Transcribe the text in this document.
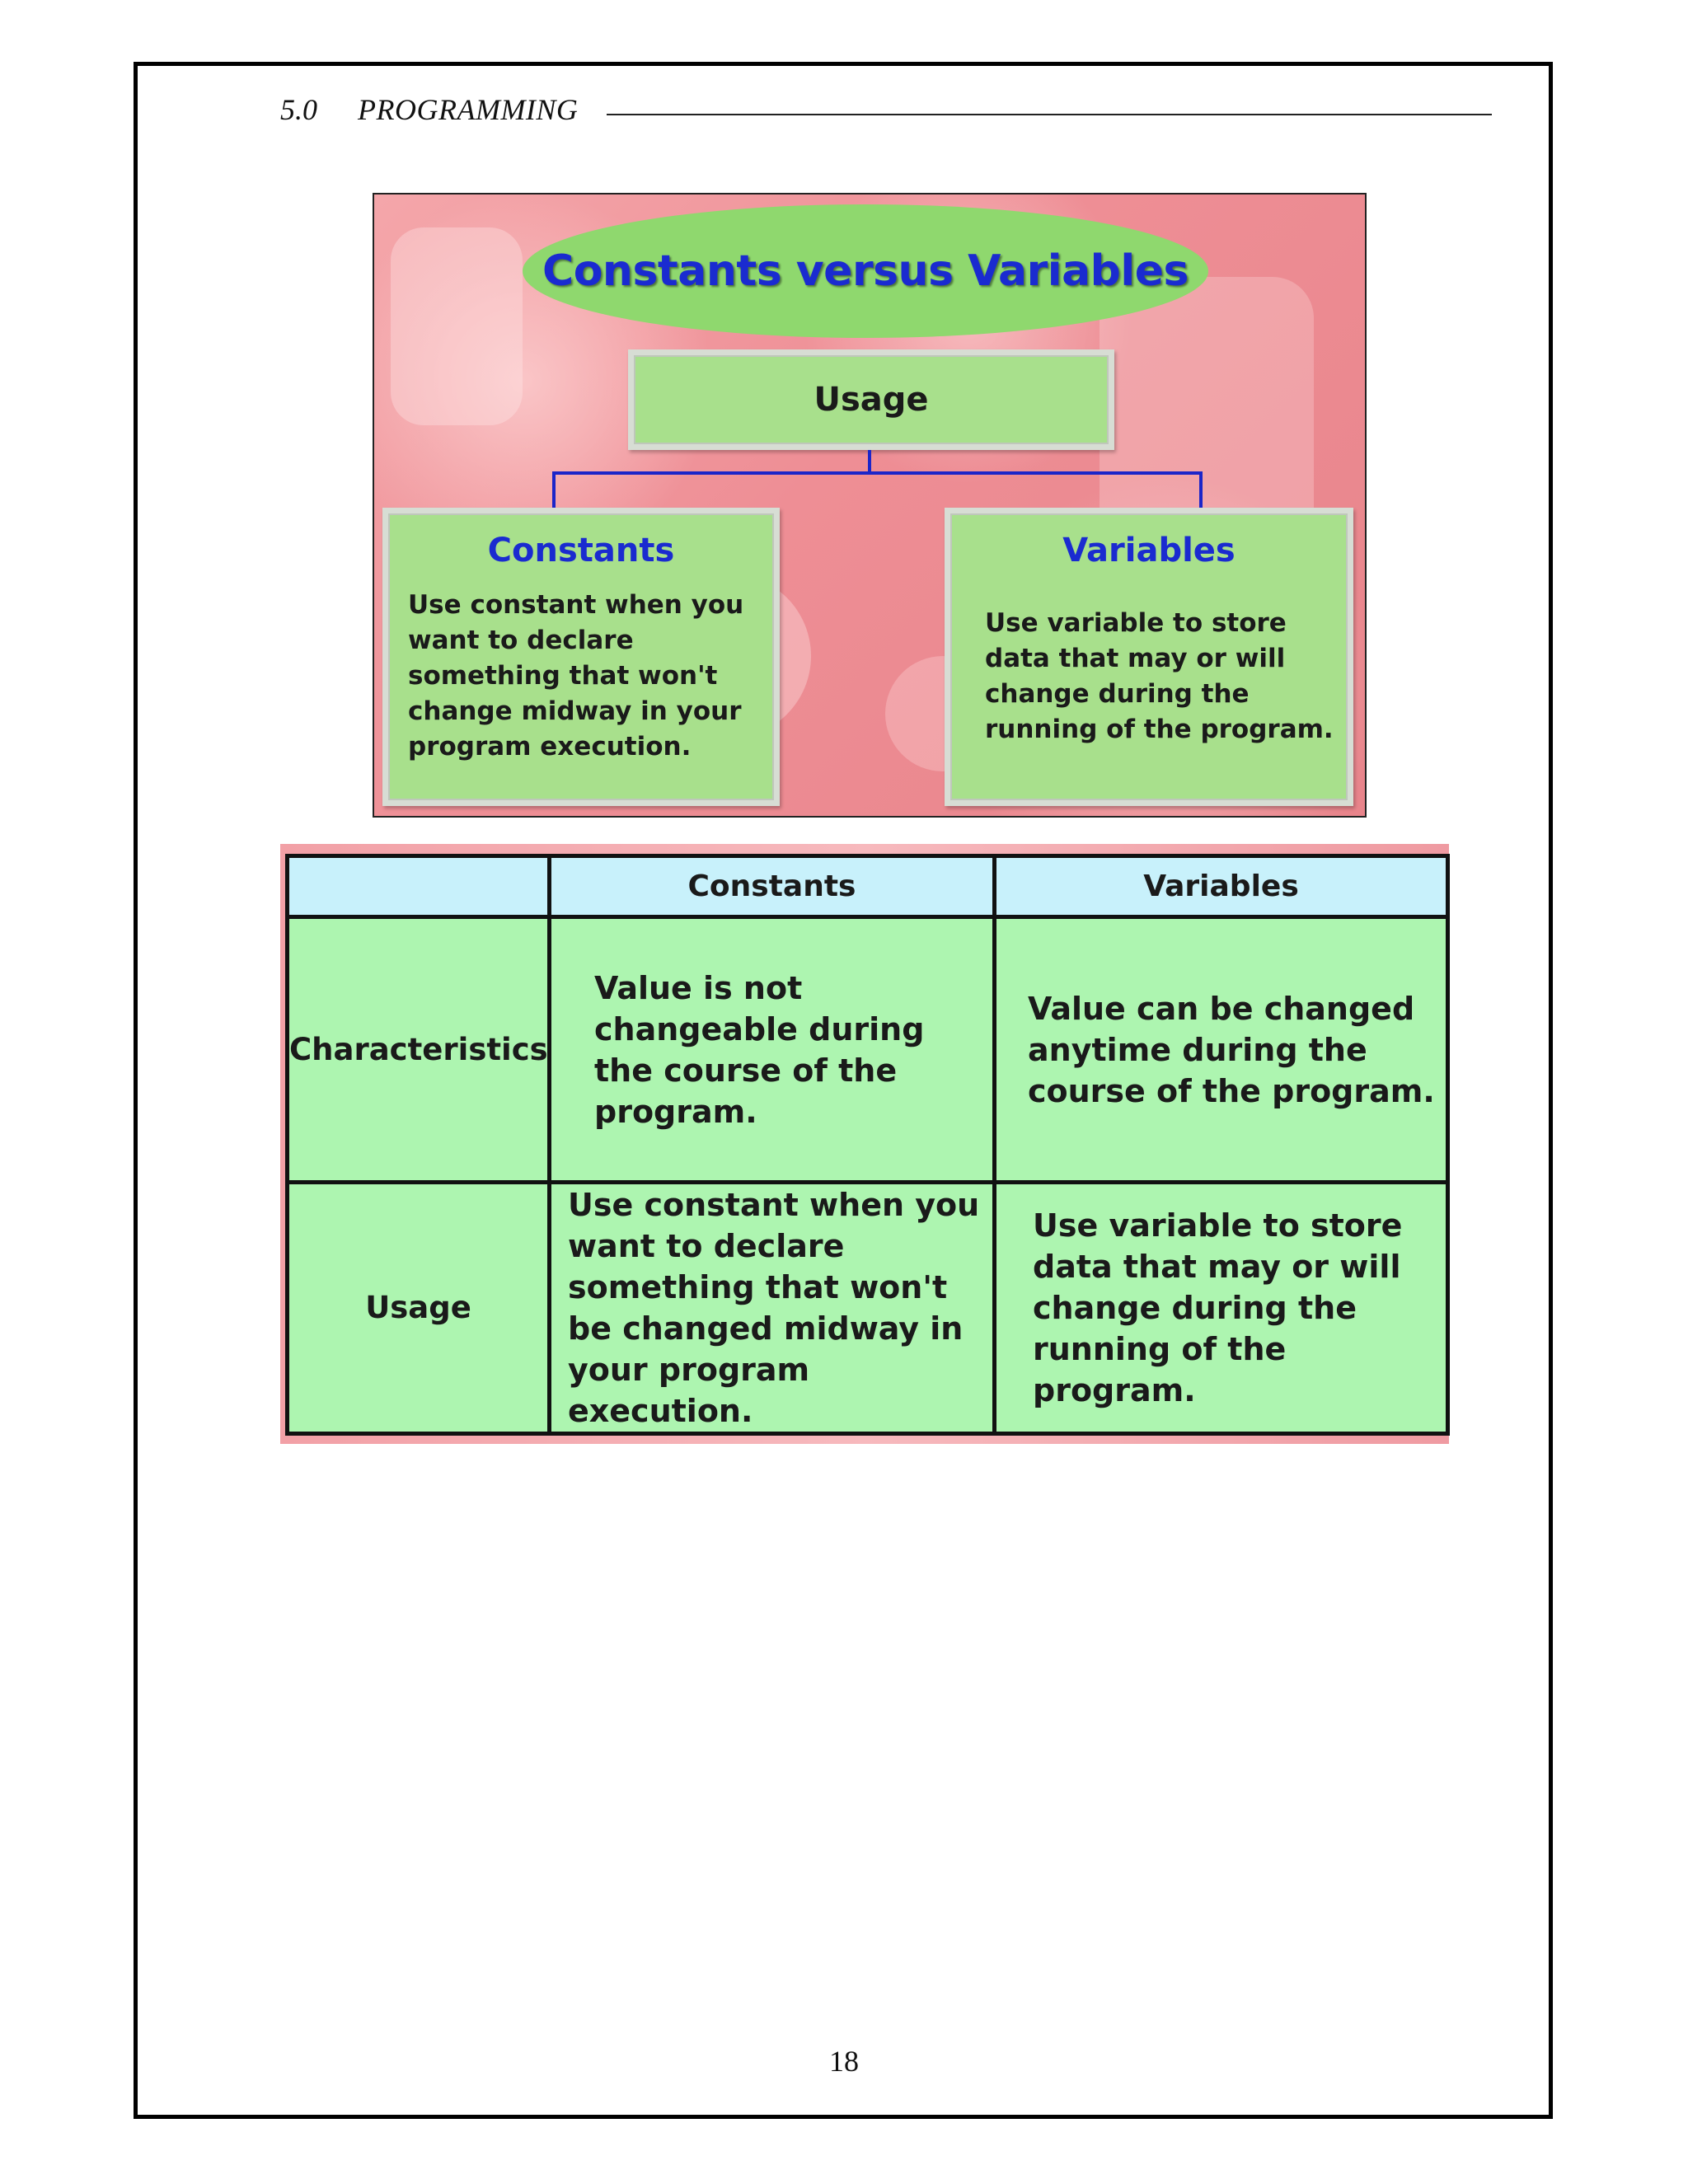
5.0 PROGRAMMING
Constants versus Variables
Usage
Constants
Use constant when you want to declare something that won't change midway in your program execution.
Variables
Use variable to store data that may or will change during the running of the program.
	Constants	Variables
Characteristics	Value is not changeable during the course of the program.	Value can be changed anytime during the course of the program.
Usage	Use constant when you want to declare something that won't be changed midway in your program execution.	Use variable to store data that may or will change during the running of the program.
18
